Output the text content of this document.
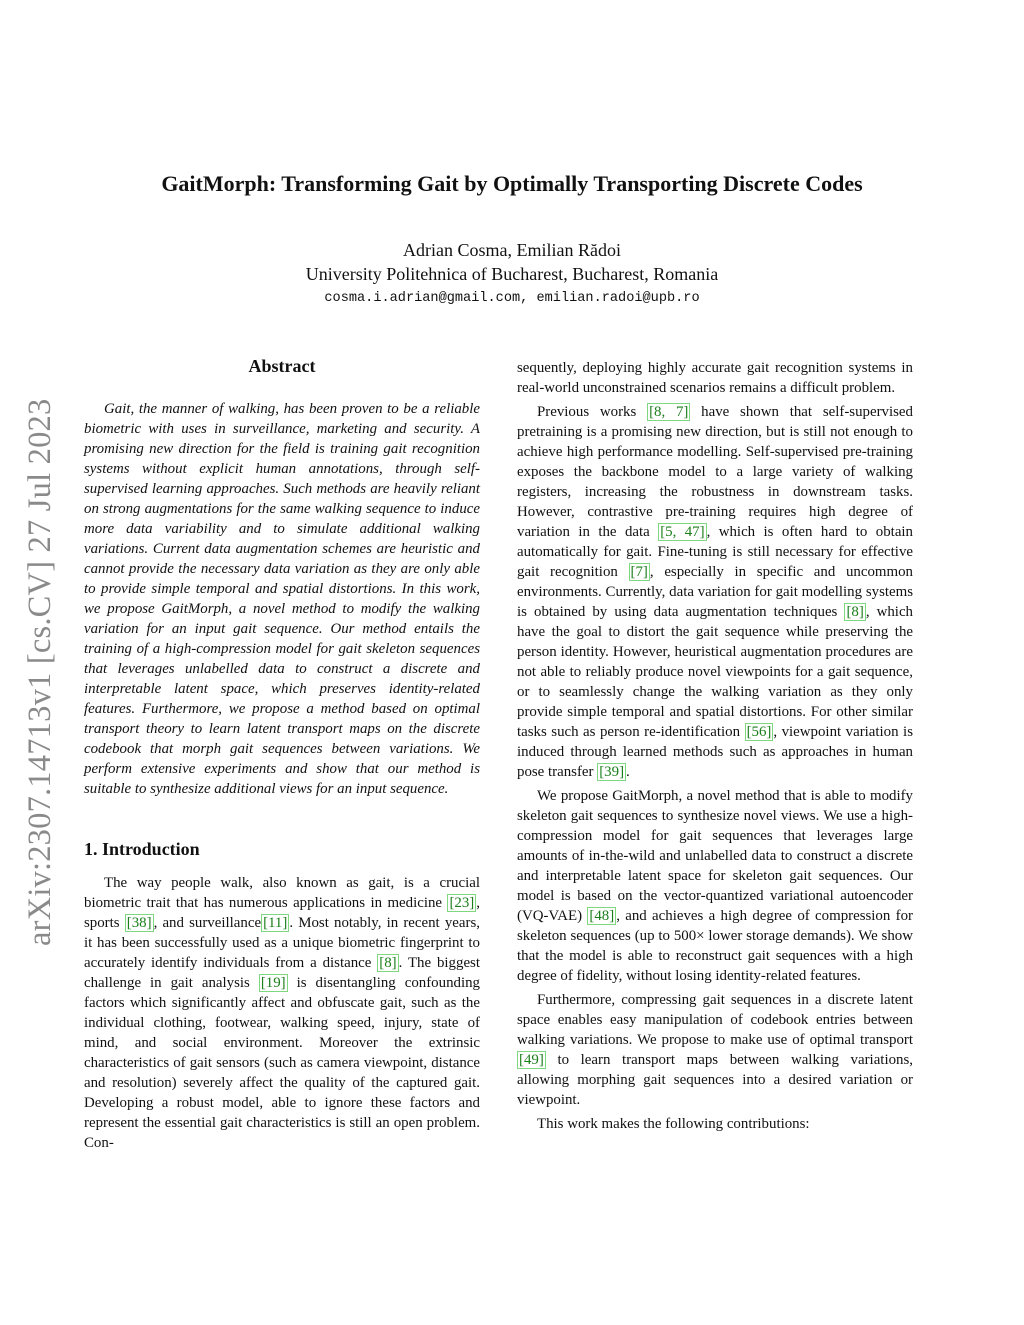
arXiv:2307.14713v1 [cs.CV] 27 Jul 2023
GaitMorph: Transforming Gait by Optimally Transporting Discrete Codes
Adrian Cosma, Emilian Rădoi
University Politehnica of Bucharest, Bucharest, Romania
cosma.i.adrian@gmail.com, emilian.radoi@upb.ro
Abstract

Gait, the manner of walking, has been proven to be a reliable biometric with uses in surveillance, marketing and security. A promising new direction for the field is training gait recognition systems without explicit human annotations, through self-supervised learning approaches. Such methods are heavily reliant on strong augmentations for the same walking sequence to induce more data variability and to simulate additional walking variations. Current data augmentation schemes are heuristic and cannot provide the necessary data variation as they are only able to provide simple temporal and spatial distortions. In this work, we propose GaitMorph, a novel method to modify the walking variation for an input gait sequence. Our method entails the training of a high-compression model for gait skeleton sequences that leverages unlabelled data to construct a discrete and interpretable latent space, which preserves identity-related features. Furthermore, we propose a method based on optimal transport theory to learn latent transport maps on the discrete codebook that morph gait sequences between variations. We perform extensive experiments and show that our method is suitable to synthesize additional views for an input sequence.

1. Introduction

The way people walk, also known as gait, is a crucial biometric trait that has numerous applications in medicine [23] , sports [38] , and surveillance [11] . Most notably, in recent years, it has been successfully used as a unique biometric fingerprint to accurately identify individuals from a distance [8] . The biggest challenge in gait analysis [19] is disentangling confounding factors which significantly affect and obfuscate gait, such as the individual clothing, footwear, walking speed, injury, state of mind, and social environment. Moreover the extrinsic characteristics of gait sensors (such as camera viewpoint, distance and resolution) severely affect the quality of the captured gait. Developing a robust model, able to ignore these factors and represent the essential gait characteristics is still an open problem. Con-

sequently, deploying highly accurate gait recognition systems in real-world unconstrained scenarios remains a difficult problem.

Previous works [8, 7] have shown that self-supervised pretraining is a promising new direction, but is still not enough to achieve high performance modelling. Self-supervised pre-training exposes the backbone model to a large variety of walking registers, increasing the robustness in downstream tasks. However, contrastive pre-training requires high degree of variation in the data [5, 47] , which is often hard to obtain automatically for gait. Fine-tuning is still necessary for effective gait recognition [7] , especially in specific and uncommon environments. Currently, data variation for gait modelling systems is obtained by using data augmentation techniques [8] , which have the goal to distort the gait sequence while preserving the person identity. However, heuristical augmentation procedures are not able to reliably produce novel viewpoints for a gait sequence, or to seamlessly change the walking variation as they only provide simple temporal and spatial distortions. For other similar tasks such as person re-identification [56] , viewpoint variation is induced through learned methods such as approaches in human pose transfer [39] .

We propose GaitMorph, a novel method that is able to modify skeleton gait sequences to synthesize novel views. We use a high-compression model for gait sequences that leverages large amounts of in-the-wild and unlabelled data to construct a discrete and interpretable latent space for skeleton gait sequences. Our model is based on the vector-quantized variational autoencoder (VQ-VAE) [48] , and achieves a high degree of compression for skeleton sequences (up to 500× lower storage demands). We show that the model is able to reconstruct gait sequences with a high degree of fidelity, without losing identity-related features.

Furthermore, compressing gait sequences in a discrete latent space enables easy manipulation of codebook entries between walking variations. We propose to make use of optimal transport [49] to learn transport maps between walking variations, allowing morphing gait sequences into a desired variation or viewpoint.

This work makes the following contributions:
